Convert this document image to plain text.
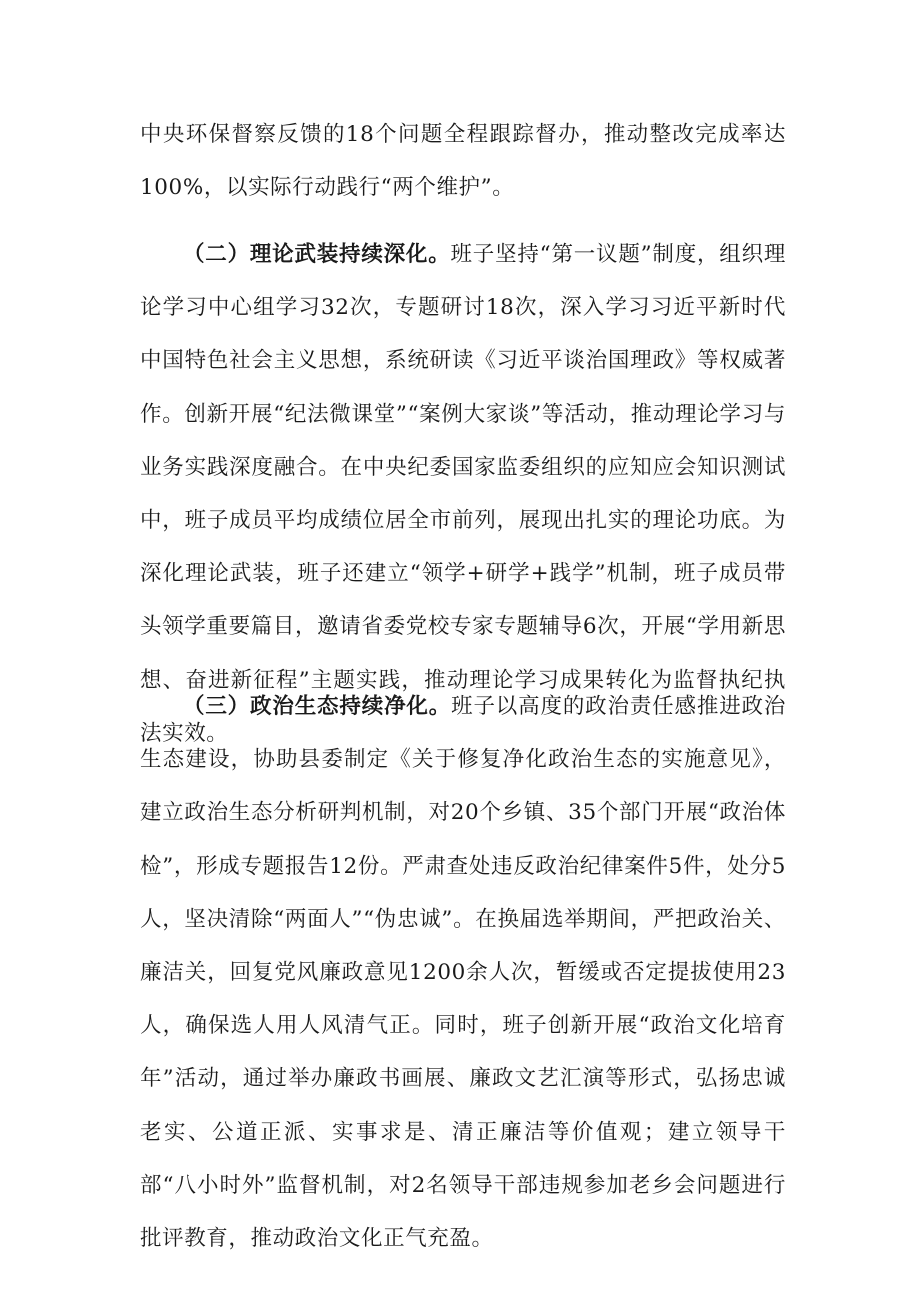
中央环保督察反馈的18个问题全程跟踪督办，推动整改完成率达100%，以实际行动践行“两个维护”。

（二）理论武装持续深化。班子坚持“第一议题”制度，组织理论学习中心组学习32次，专题研讨18次，深入学习习近平新时代中国特色社会主义思想，系统研读《习近平谈治国理政》等权威著作。创新开展“纪法微课堂”“案例大家谈”等活动，推动理论学习与业务实践深度融合。在中央纪委国家监委组织的应知应会知识测试中，班子成员平均成绩位居全市前列，展现出扎实的理论功底。为深化理论武装，班子还建立“领学+研学+践学”机制，班子成员带头领学重要篇目，邀请省委党校专家专题辅导6次，开展“学用新思想、奋进新征程”主题实践，推动理论学习成果转化为监督执纪执法实效。

（三）政治生态持续净化。班子以高度的政治责任感推进政治生态建设，协助县委制定《关于修复净化政治生态的实施意见》，建立政治生态分析研判机制，对20个乡镇、35个部门开展“政治体检”，形成专题报告12份。严肃查处违反政治纪律案件5件，处分5人，坚决清除“两面人”“伪忠诚”。在换届选举期间，严把政治关、廉洁关，回复党风廉政意见1200余人次，暂缓或否定提拔使用23人，确保选人用人风清气正。同时，班子创新开展“政治文化培育年”活动，通过举办廉政书画展、廉政文艺汇演等形式，弘扬忠诚老实、公道正派、实事求是、清正廉洁等价值观；建立领导干部“八小时外”监督机制，对2名领导干部违规参加老乡会问题进行批评教育，推动政治文化正气充盈。
